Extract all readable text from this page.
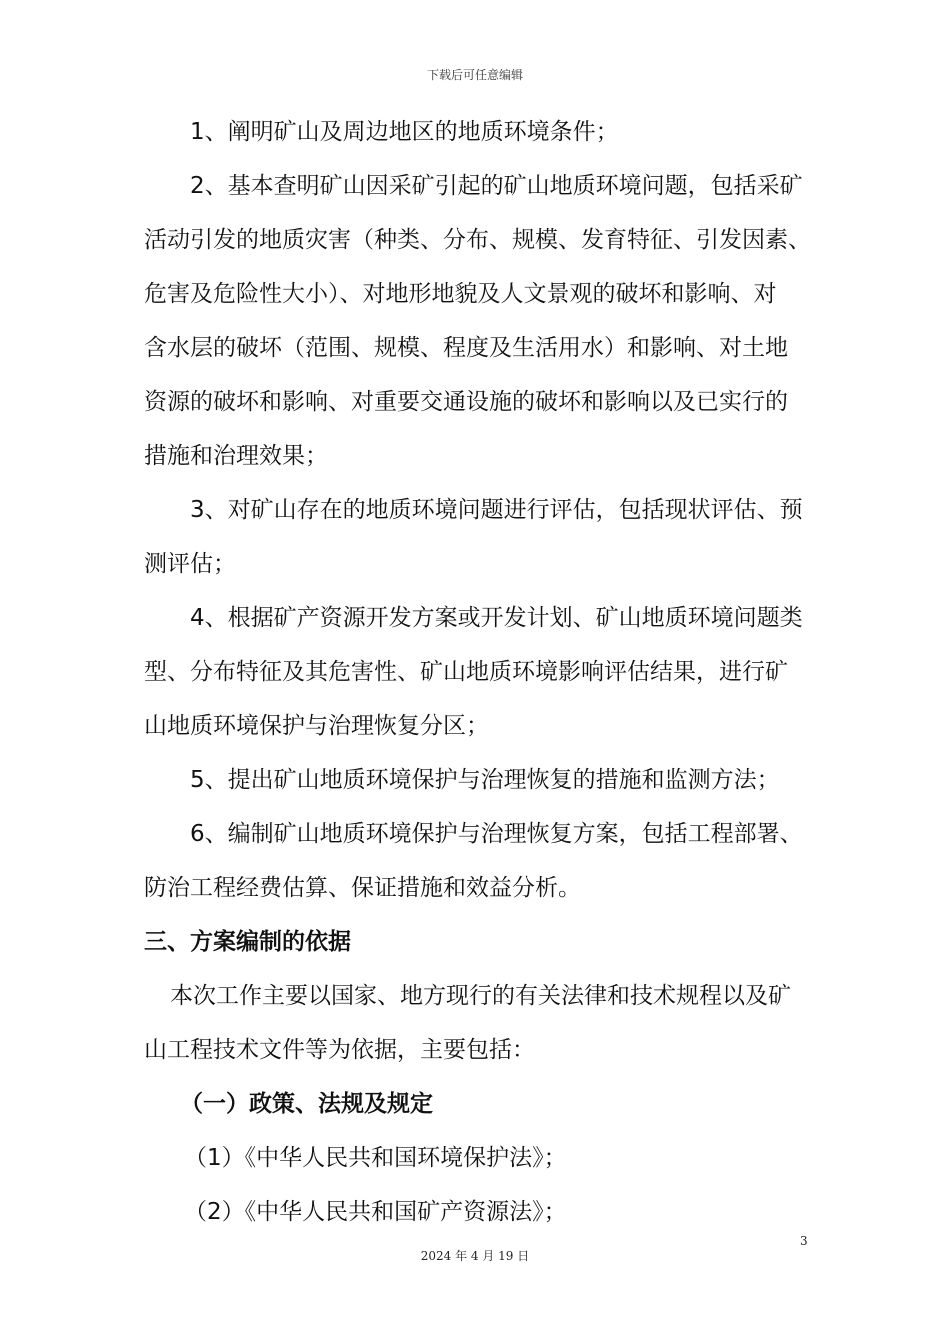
下载后可任意编辑
1、阐明矿山及周边地区的地质环境条件；
2、基本查明矿山因采矿引起的矿山地质环境问题，包括采矿
活动引发的地质灾害（种类、分布、规模、发育特征、引发因素、
危害及危险性大小）、对地形地貌及人文景观的破坏和影响、对
含水层的破坏（范围、规模、程度及生活用水）和影响、对土地
资源的破坏和影响、对重要交通设施的破坏和影响以及已实行的
措施和治理效果；
3、对矿山存在的地质环境问题进行评估，包括现状评估、预
测评估；
4、根据矿产资源开发方案或开发计划、矿山地质环境问题类
型、分布特征及其危害性、矿山地质环境影响评估结果，进行矿
山地质环境保护与治理恢复分区；
5、提出矿山地质环境保护与治理恢复的措施和监测方法；
6、编制矿山地质环境保护与治理恢复方案，包括工程部署、
防治工程经费估算、保证措施和效益分析。
三、方案编制的依据
本次工作主要以国家、地方现行的有关法律和技术规程以及矿
山工程技术文件等为依据，主要包括：
（一）政策、法规及规定
（1）《中华人民共和国环境保护法》；
（2）《中华人民共和国矿产资源法》；
3
2024 年 4 月 19 日
